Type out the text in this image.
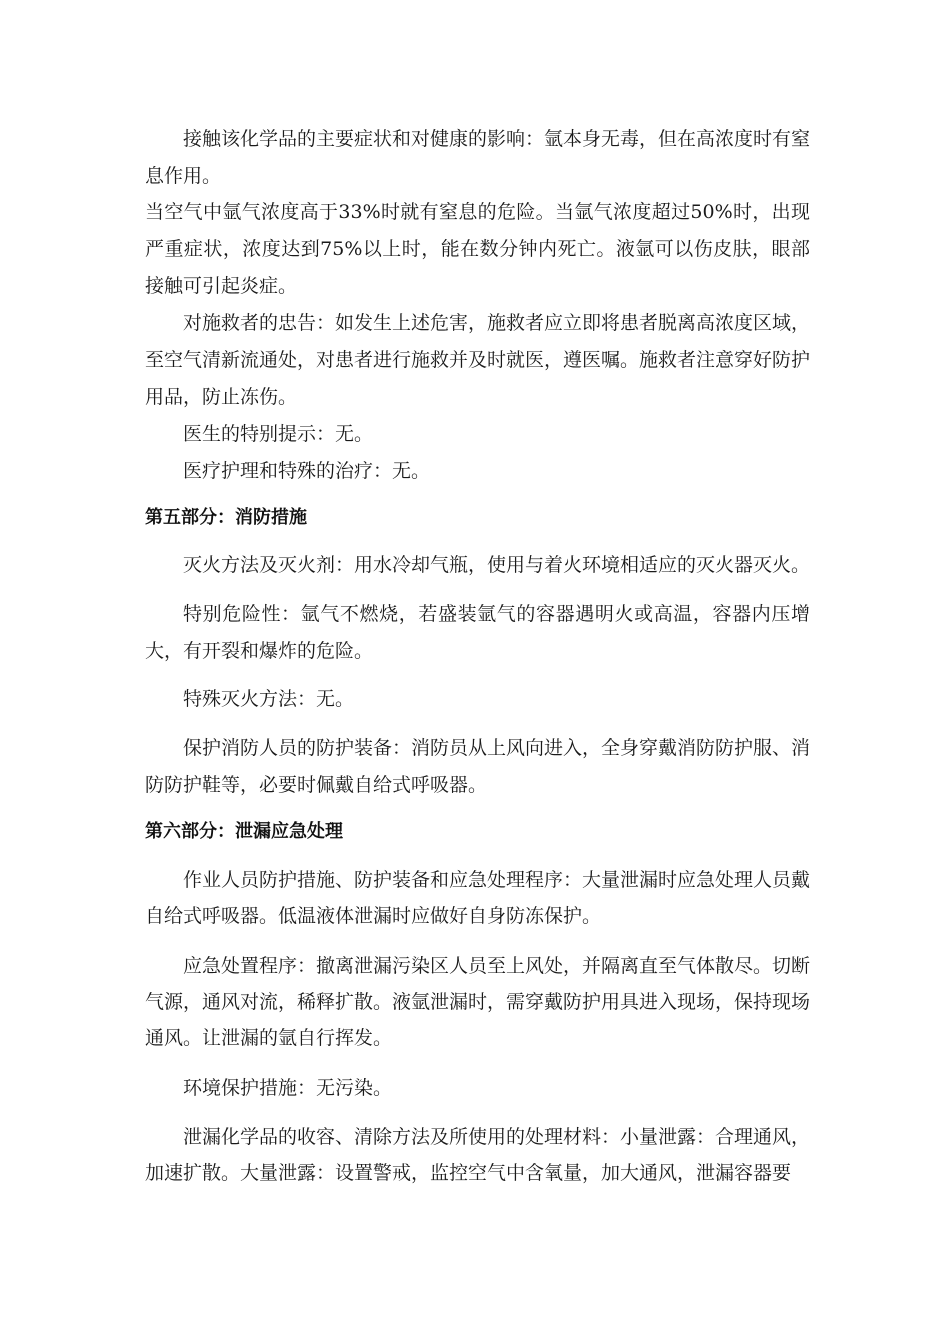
接触该化学品的主要症状和对健康的影响：氩本身无毒，但在高浓度时有窒息作用。

当空气中氩气浓度高于33%时就有窒息的危险。当氩气浓度超过50%时，出现严重症状，浓度达到75%以上时，能在数分钟内死亡。液氩可以伤皮肤，眼部接触可引起炎症。

对施救者的忠告：如发生上述危害，施救者应立即将患者脱离高浓度区域，至空气清新流通处，对患者进行施救并及时就医，遵医嘱。施救者注意穿好防护用品，防止冻伤。

医生的特别提示：无。

医疗护理和特殊的治疗：无。

第五部分：消防措施

灭火方法及灭火剂：用水冷却气瓶，使用与着火环境相适应的灭火器灭火。

特别危险性：氩气不燃烧，若盛装氩气的容器遇明火或高温，容器内压增大，有开裂和爆炸的危险。

特殊灭火方法：无。

保护消防人员的防护装备：消防员从上风向进入，全身穿戴消防防护服、消防防护鞋等，必要时佩戴自给式呼吸器。

第六部分：泄漏应急处理

作业人员防护措施、防护装备和应急处理程序：大量泄漏时应急处理人员戴自给式呼吸器。低温液体泄漏时应做好自身防冻保护。

应急处置程序：撤离泄漏污染区人员至上风处，并隔离直至气体散尽。切断气源，通风对流，稀释扩散。液氩泄漏时，需穿戴防护用具进入现场，保持现场通风。让泄漏的氩自行挥发。

环境保护措施：无污染。

泄漏化学品的收容、清除方法及所使用的处理材料：小量泄露：合理通风，加速扩散。大量泄露：设置警戒，监控空气中含氧量，加大通风，泄漏容器要
